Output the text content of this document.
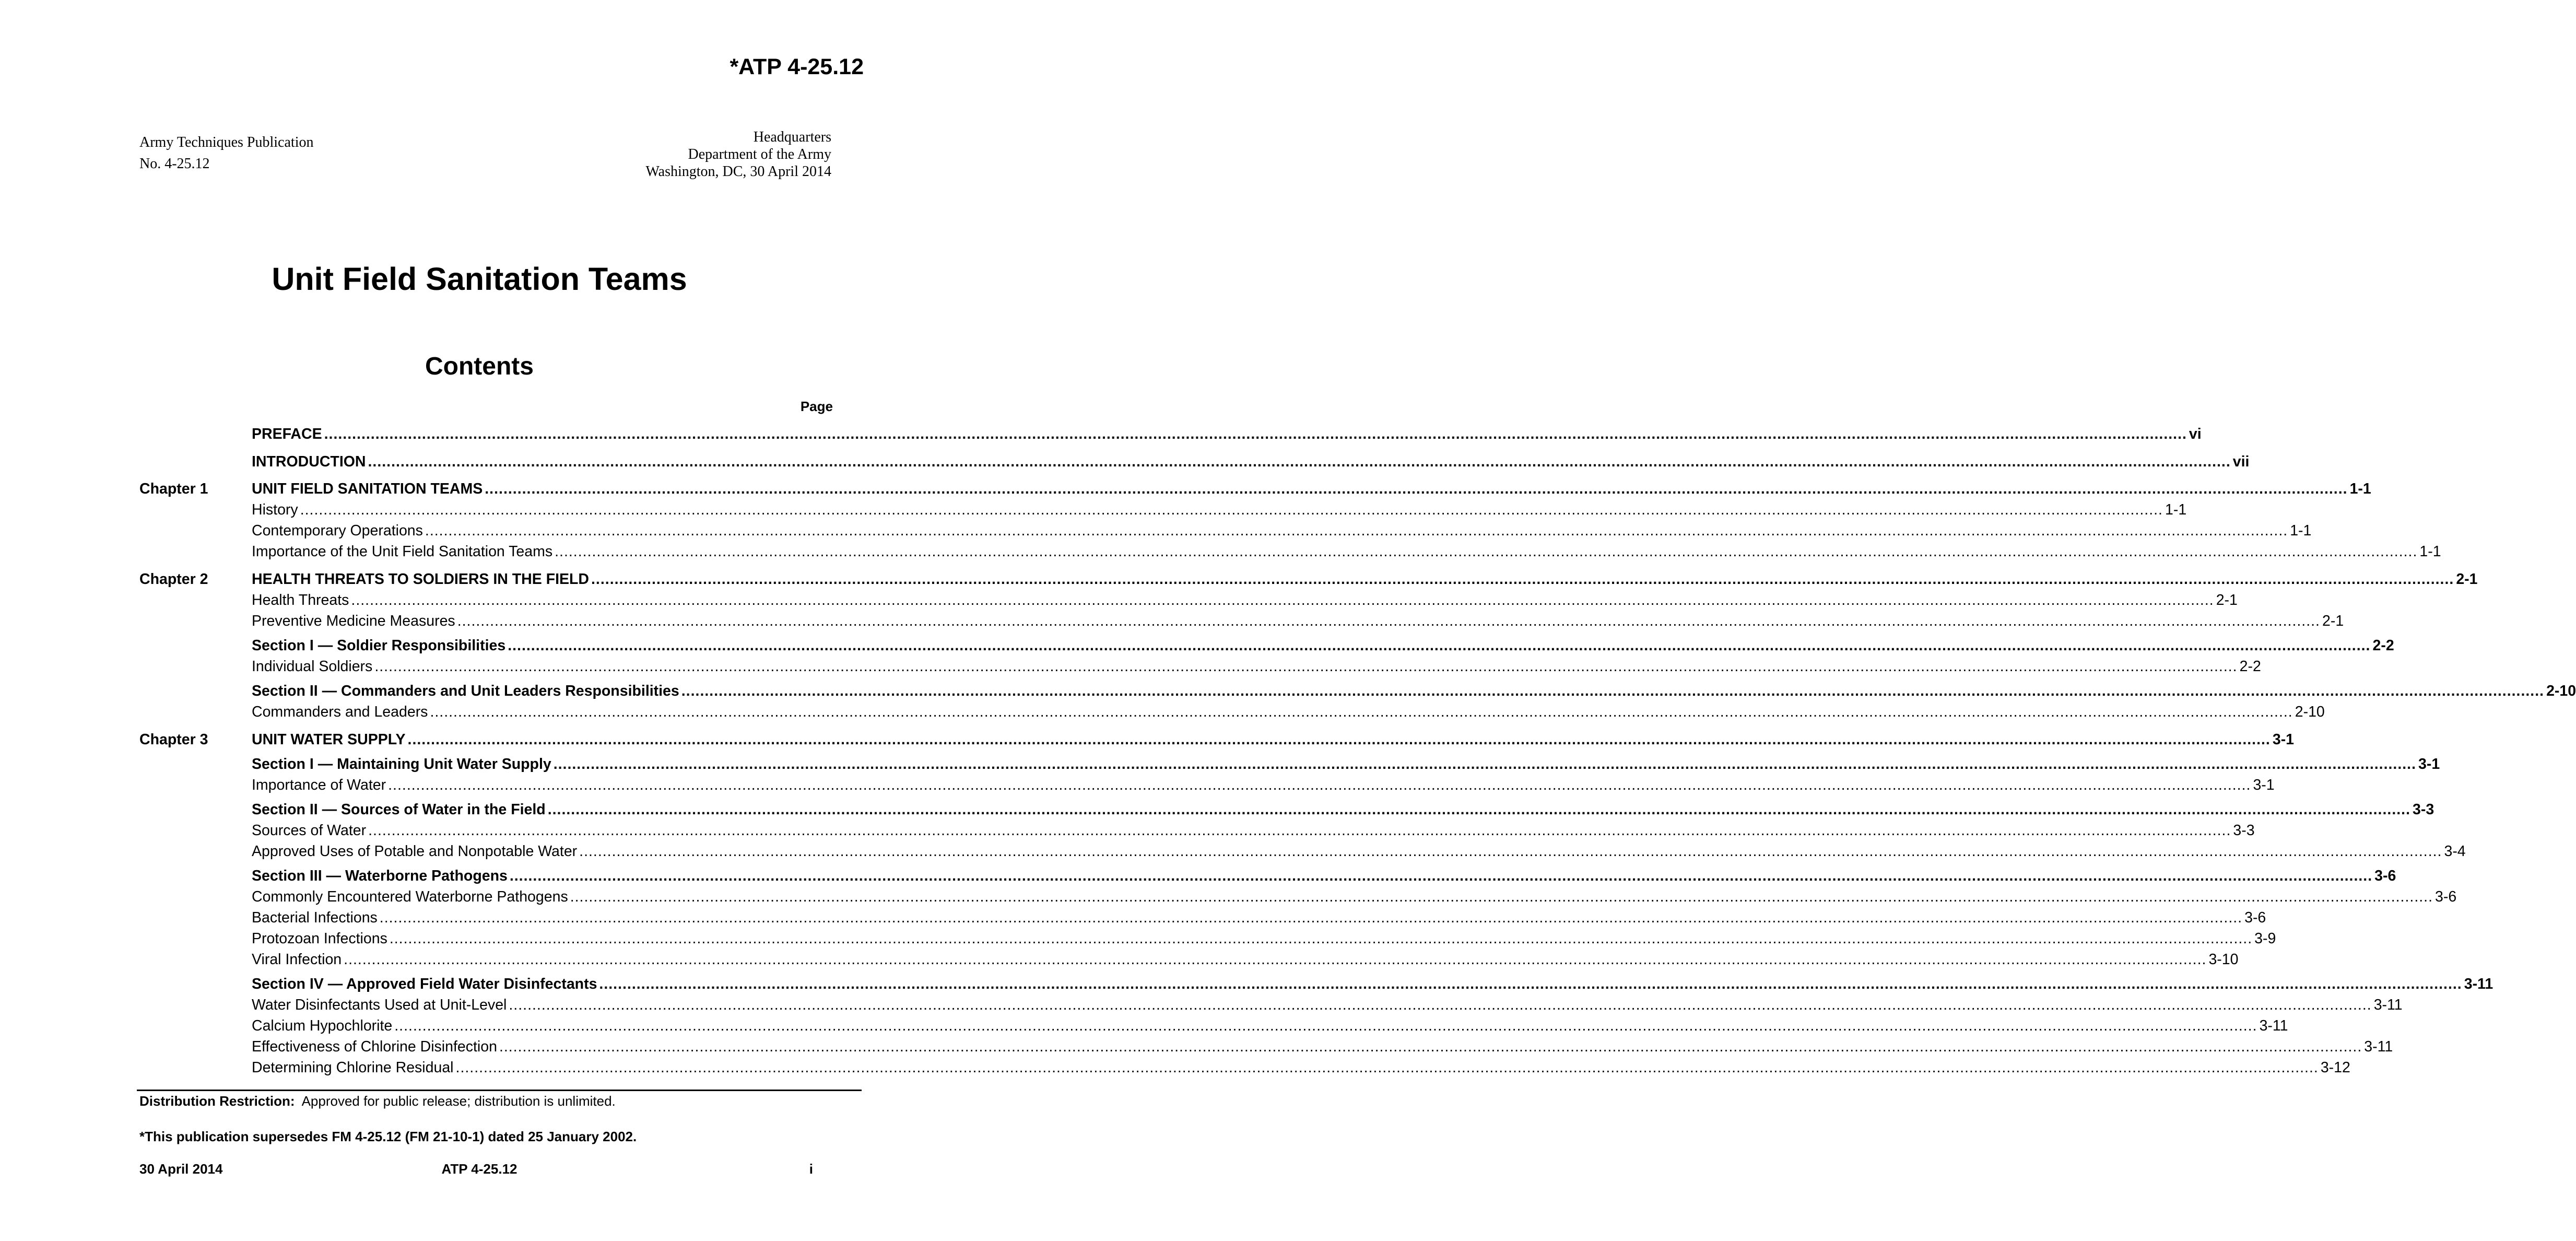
*ATP 4-25.12
Army Techniques Publication
No. 4-25.12
Headquarters
Department of the Army
Washington, DC, 30 April 2014
Unit Field Sanitation Teams
Contents
Page
PREFACE ................................................................................................................................................................................................................................................................................................................................................................................................................ vi
INTRODUCTION ................................................................................................................................................................................................................................................................................................................................................................................................................ vii
Chapter 1	UNIT FIELD SANITATION TEAMS ................................................................................................................................................................................................................................................................................................................................................................................................................ 1-1
History ................................................................................................................................................................................................................................................................................................................................................................................................................ 1-1
Contemporary Operations ................................................................................................................................................................................................................................................................................................................................................................................................................ 1-1
Importance of the Unit Field Sanitation Teams ................................................................................................................................................................................................................................................................................................................................................................................................................ 1-1
Chapter 2	HEALTH THREATS TO SOLDIERS IN THE FIELD ................................................................................................................................................................................................................................................................................................................................................................................................................ 2-1
Health Threats ................................................................................................................................................................................................................................................................................................................................................................................................................ 2-1
Preventive Medicine Measures ................................................................................................................................................................................................................................................................................................................................................................................................................ 2-1
Section I — Soldier Responsibilities ................................................................................................................................................................................................................................................................................................................................................................................................................ 2-2
Individual Soldiers ................................................................................................................................................................................................................................................................................................................................................................................................................ 2-2
Section II — Commanders and Unit Leaders Responsibilities ................................................................................................................................................................................................................................................................................................................................................................................................................ 2-10
Commanders and Leaders ................................................................................................................................................................................................................................................................................................................................................................................................................ 2-10
Chapter 3	UNIT WATER SUPPLY ................................................................................................................................................................................................................................................................................................................................................................................................................ 3-1
Section I — Maintaining Unit Water Supply ................................................................................................................................................................................................................................................................................................................................................................................................................ 3-1
Importance of Water ................................................................................................................................................................................................................................................................................................................................................................................................................ 3-1
Section II — Sources of Water in the Field ................................................................................................................................................................................................................................................................................................................................................................................................................ 3-3
Sources of Water ................................................................................................................................................................................................................................................................................................................................................................................................................ 3-3
Approved Uses of Potable and Nonpotable Water ................................................................................................................................................................................................................................................................................................................................................................................................................ 3-4
Section III — Waterborne Pathogens ................................................................................................................................................................................................................................................................................................................................................................................................................ 3-6
Commonly Encountered Waterborne Pathogens ................................................................................................................................................................................................................................................................................................................................................................................................................ 3-6
Bacterial Infections ................................................................................................................................................................................................................................................................................................................................................................................................................ 3-6
Protozoan Infections ................................................................................................................................................................................................................................................................................................................................................................................................................ 3-9
Viral Infection ................................................................................................................................................................................................................................................................................................................................................................................................................ 3-10
Section IV — Approved Field Water Disinfectants ................................................................................................................................................................................................................................................................................................................................................................................................................ 3-11
Water Disinfectants Used at Unit-Level ................................................................................................................................................................................................................................................................................................................................................................................................................ 3-11
Calcium Hypochlorite ................................................................................................................................................................................................................................................................................................................................................................................................................ 3-11
Effectiveness of Chlorine Disinfection ................................................................................................................................................................................................................................................................................................................................................................................................................ 3-11
Determining Chlorine Residual ................................................................................................................................................................................................................................................................................................................................................................................................................ 3-12
Distribution Restriction: Approved for public release; distribution is unlimited.
*This publication supersedes FM 4-25.12 (FM 21-10-1) dated 25 January 2002.
30 April 2014	ATP 4-25.12	i
